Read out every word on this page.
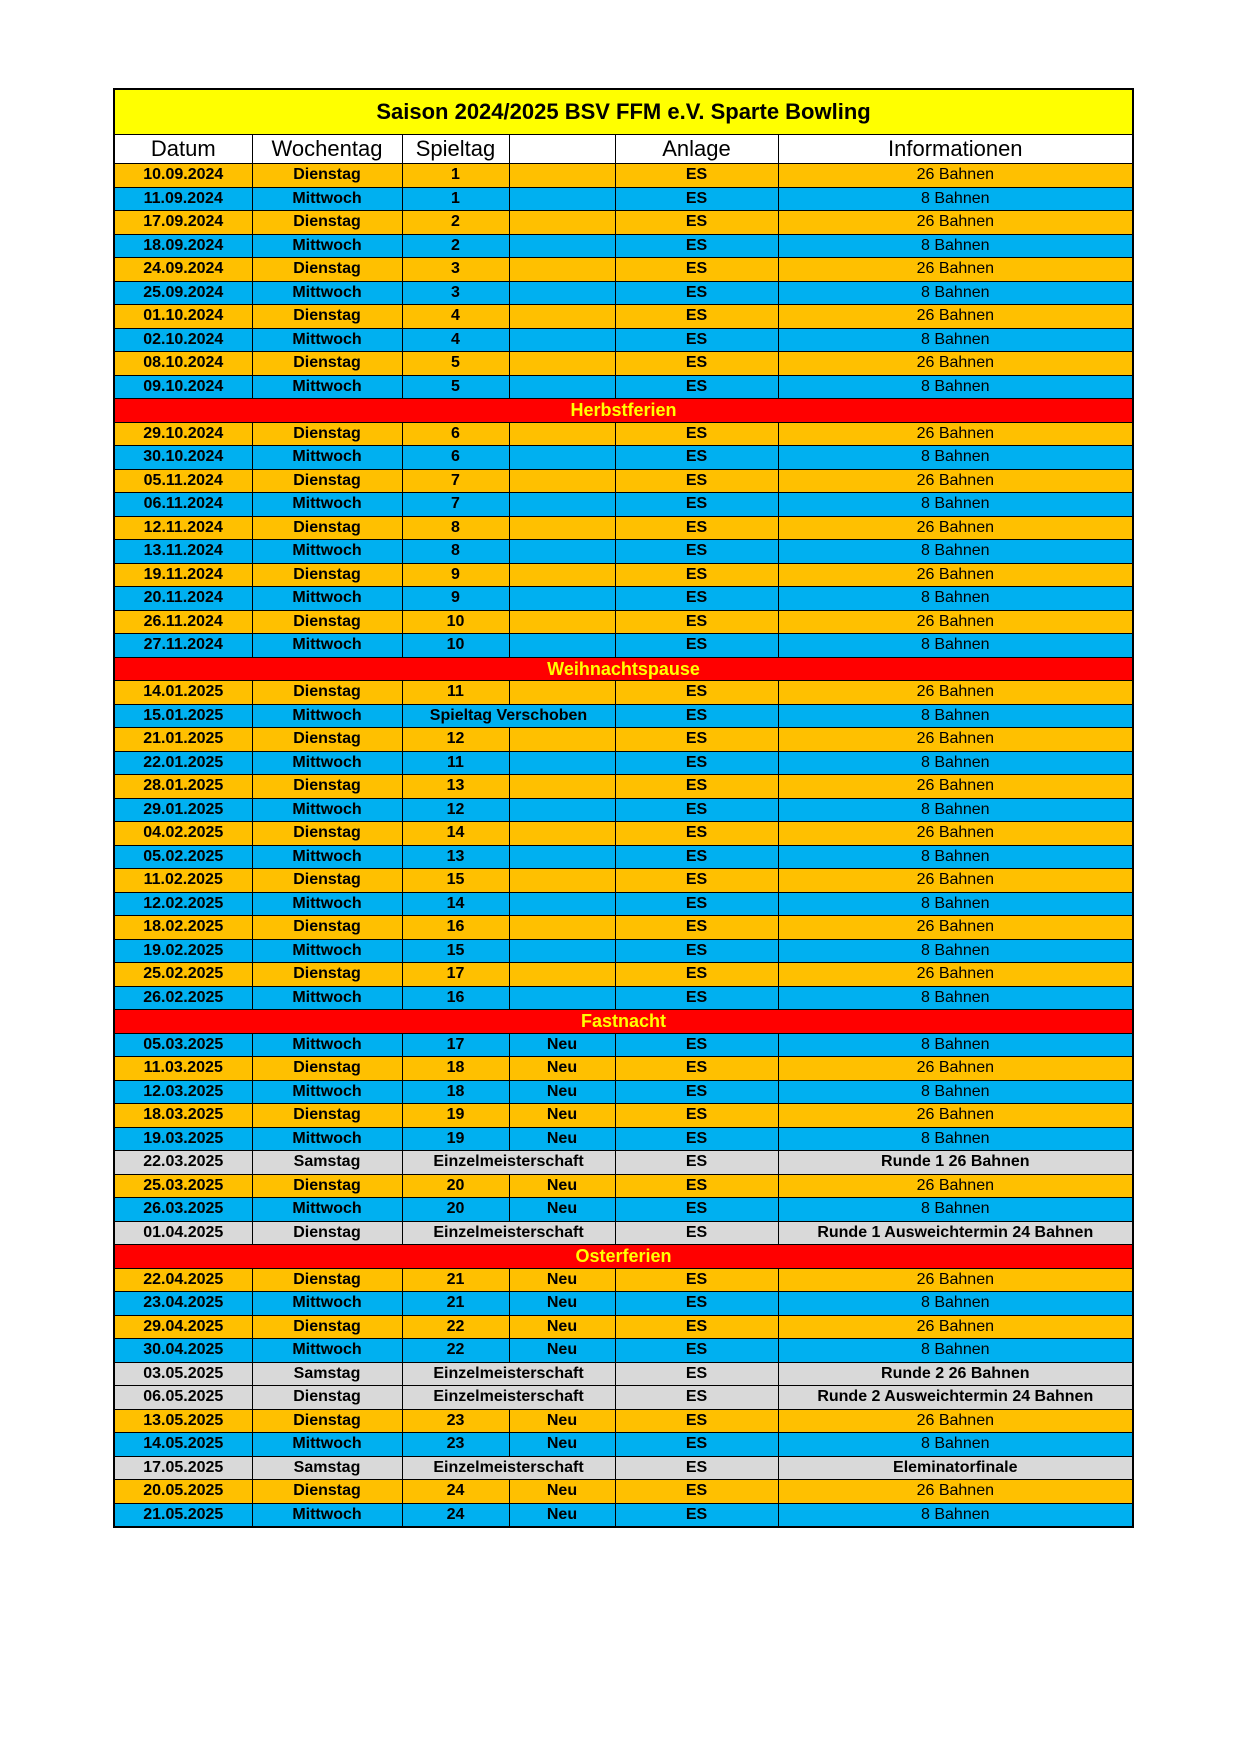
Saison 2024/2025 BSV FFM e.V. Sparte Bowling					
Datum	Wochentag	Spieltag		Anlage	Informationen
10.09.2024	Dienstag	1		ES	26 Bahnen
11.09.2024	Mittwoch	1		ES	8 Bahnen
17.09.2024	Dienstag	2		ES	26 Bahnen
18.09.2024	Mittwoch	2		ES	8 Bahnen
24.09.2024	Dienstag	3		ES	26 Bahnen
25.09.2024	Mittwoch	3		ES	8 Bahnen
01.10.2024	Dienstag	4		ES	26 Bahnen
02.10.2024	Mittwoch	4		ES	8 Bahnen
08.10.2024	Dienstag	5		ES	26 Bahnen
09.10.2024	Mittwoch	5		ES	8 Bahnen
Herbstferien					
29.10.2024	Dienstag	6		ES	26 Bahnen
30.10.2024	Mittwoch	6		ES	8 Bahnen
05.11.2024	Dienstag	7		ES	26 Bahnen
06.11.2024	Mittwoch	7		ES	8 Bahnen
12.11.2024	Dienstag	8		ES	26 Bahnen
13.11.2024	Mittwoch	8		ES	8 Bahnen
19.11.2024	Dienstag	9		ES	26 Bahnen
20.11.2024	Mittwoch	9		ES	8 Bahnen
26.11.2024	Dienstag	10		ES	26 Bahnen
27.11.2024	Mittwoch	10		ES	8 Bahnen
Weihnachtspause					
14.01.2025	Dienstag	11		ES	26 Bahnen
15.01.2025	Mittwoch	Spieltag Verschoben		ES	8 Bahnen
21.01.2025	Dienstag	12		ES	26 Bahnen
22.01.2025	Mittwoch	11		ES	8 Bahnen
28.01.2025	Dienstag	13		ES	26 Bahnen
29.01.2025	Mittwoch	12		ES	8 Bahnen
04.02.2025	Dienstag	14		ES	26 Bahnen
05.02.2025	Mittwoch	13		ES	8 Bahnen
11.02.2025	Dienstag	15		ES	26 Bahnen
12.02.2025	Mittwoch	14		ES	8 Bahnen
18.02.2025	Dienstag	16		ES	26 Bahnen
19.02.2025	Mittwoch	15		ES	8 Bahnen
25.02.2025	Dienstag	17		ES	26 Bahnen
26.02.2025	Mittwoch	16		ES	8 Bahnen
Fastnacht					
05.03.2025	Mittwoch	17	Neu	ES	8 Bahnen
11.03.2025	Dienstag	18	Neu	ES	26 Bahnen
12.03.2025	Mittwoch	18	Neu	ES	8 Bahnen
18.03.2025	Dienstag	19	Neu	ES	26 Bahnen
19.03.2025	Mittwoch	19	Neu	ES	8 Bahnen
22.03.2025	Samstag	Einzelmeisterschaft		ES	Runde 1 26 Bahnen
25.03.2025	Dienstag	20	Neu	ES	26 Bahnen
26.03.2025	Mittwoch	20	Neu	ES	8 Bahnen
01.04.2025	Dienstag	Einzelmeisterschaft		ES	Runde 1 Ausweichtermin 24 Bahnen
Osterferien					
22.04.2025	Dienstag	21	Neu	ES	26 Bahnen
23.04.2025	Mittwoch	21	Neu	ES	8 Bahnen
29.04.2025	Dienstag	22	Neu	ES	26 Bahnen
30.04.2025	Mittwoch	22	Neu	ES	8 Bahnen
03.05.2025	Samstag	Einzelmeisterschaft		ES	Runde 2 26 Bahnen
06.05.2025	Dienstag	Einzelmeisterschaft		ES	Runde 2 Ausweichtermin 24 Bahnen
13.05.2025	Dienstag	23	Neu	ES	26 Bahnen
14.05.2025	Mittwoch	23	Neu	ES	8 Bahnen
17.05.2025	Samstag	Einzelmeisterschaft		ES	Eleminatorfinale
20.05.2025	Dienstag	24	Neu	ES	26 Bahnen
21.05.2025	Mittwoch	24	Neu	ES	8 Bahnen
